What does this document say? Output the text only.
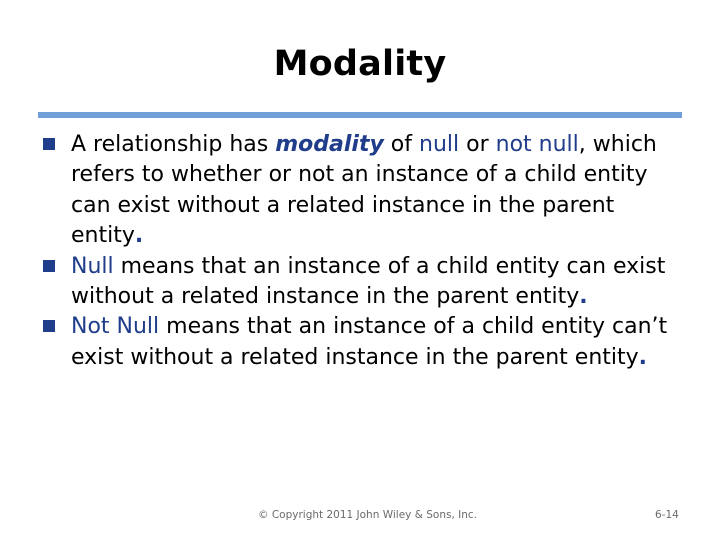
Modality

A relationship has modality of null or not null, which refers to whether or not an instance of a child entity can exist without a related instance in the parent entity.

Null means that an instance of a child entity can exist without a related instance in the parent entity.

Not Null means that an instance of a child entity can’t exist without a related instance in the parent entity.

© Copyright 2011 John Wiley & Sons, Inc.	6-14
